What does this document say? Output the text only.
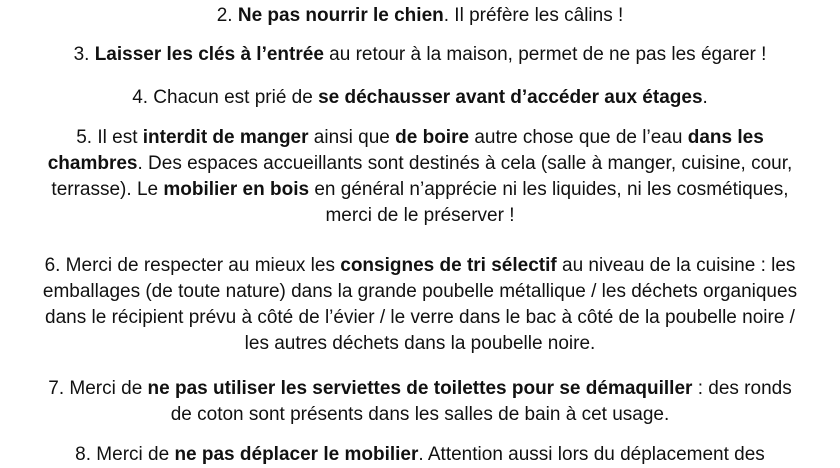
2. Ne pas nourrir le chien. Il préfère les câlins !

3. Laisser les clés à l’entrée au retour à la maison, permet de ne pas les égarer !

4. Chacun est prié de se déchausser avant d’accéder aux étages.

5. Il est interdit de manger ainsi que de boire autre chose que de l’eau dans les chambres. Des espaces accueillants sont destinés à cela (salle à manger, cuisine, cour, terrasse). Le mobilier en bois en général n’apprécie ni les liquides, ni les cosmétiques, merci de le préserver !

6. Merci de respecter au mieux les consignes de tri sélectif au niveau de la cuisine : les emballages (de toute nature) dans la grande poubelle métallique / les déchets organiques dans le récipient prévu à côté de l’évier / le verre dans le bac à côté de la poubelle noire / les autres déchets dans la poubelle noire.

7. Merci de ne pas utiliser les serviettes de toilettes pour se démaquiller : des ronds de coton sont présents dans les salles de bain à cet usage.

8. Merci de ne pas déplacer le mobilier. Attention aussi lors du déplacement des
